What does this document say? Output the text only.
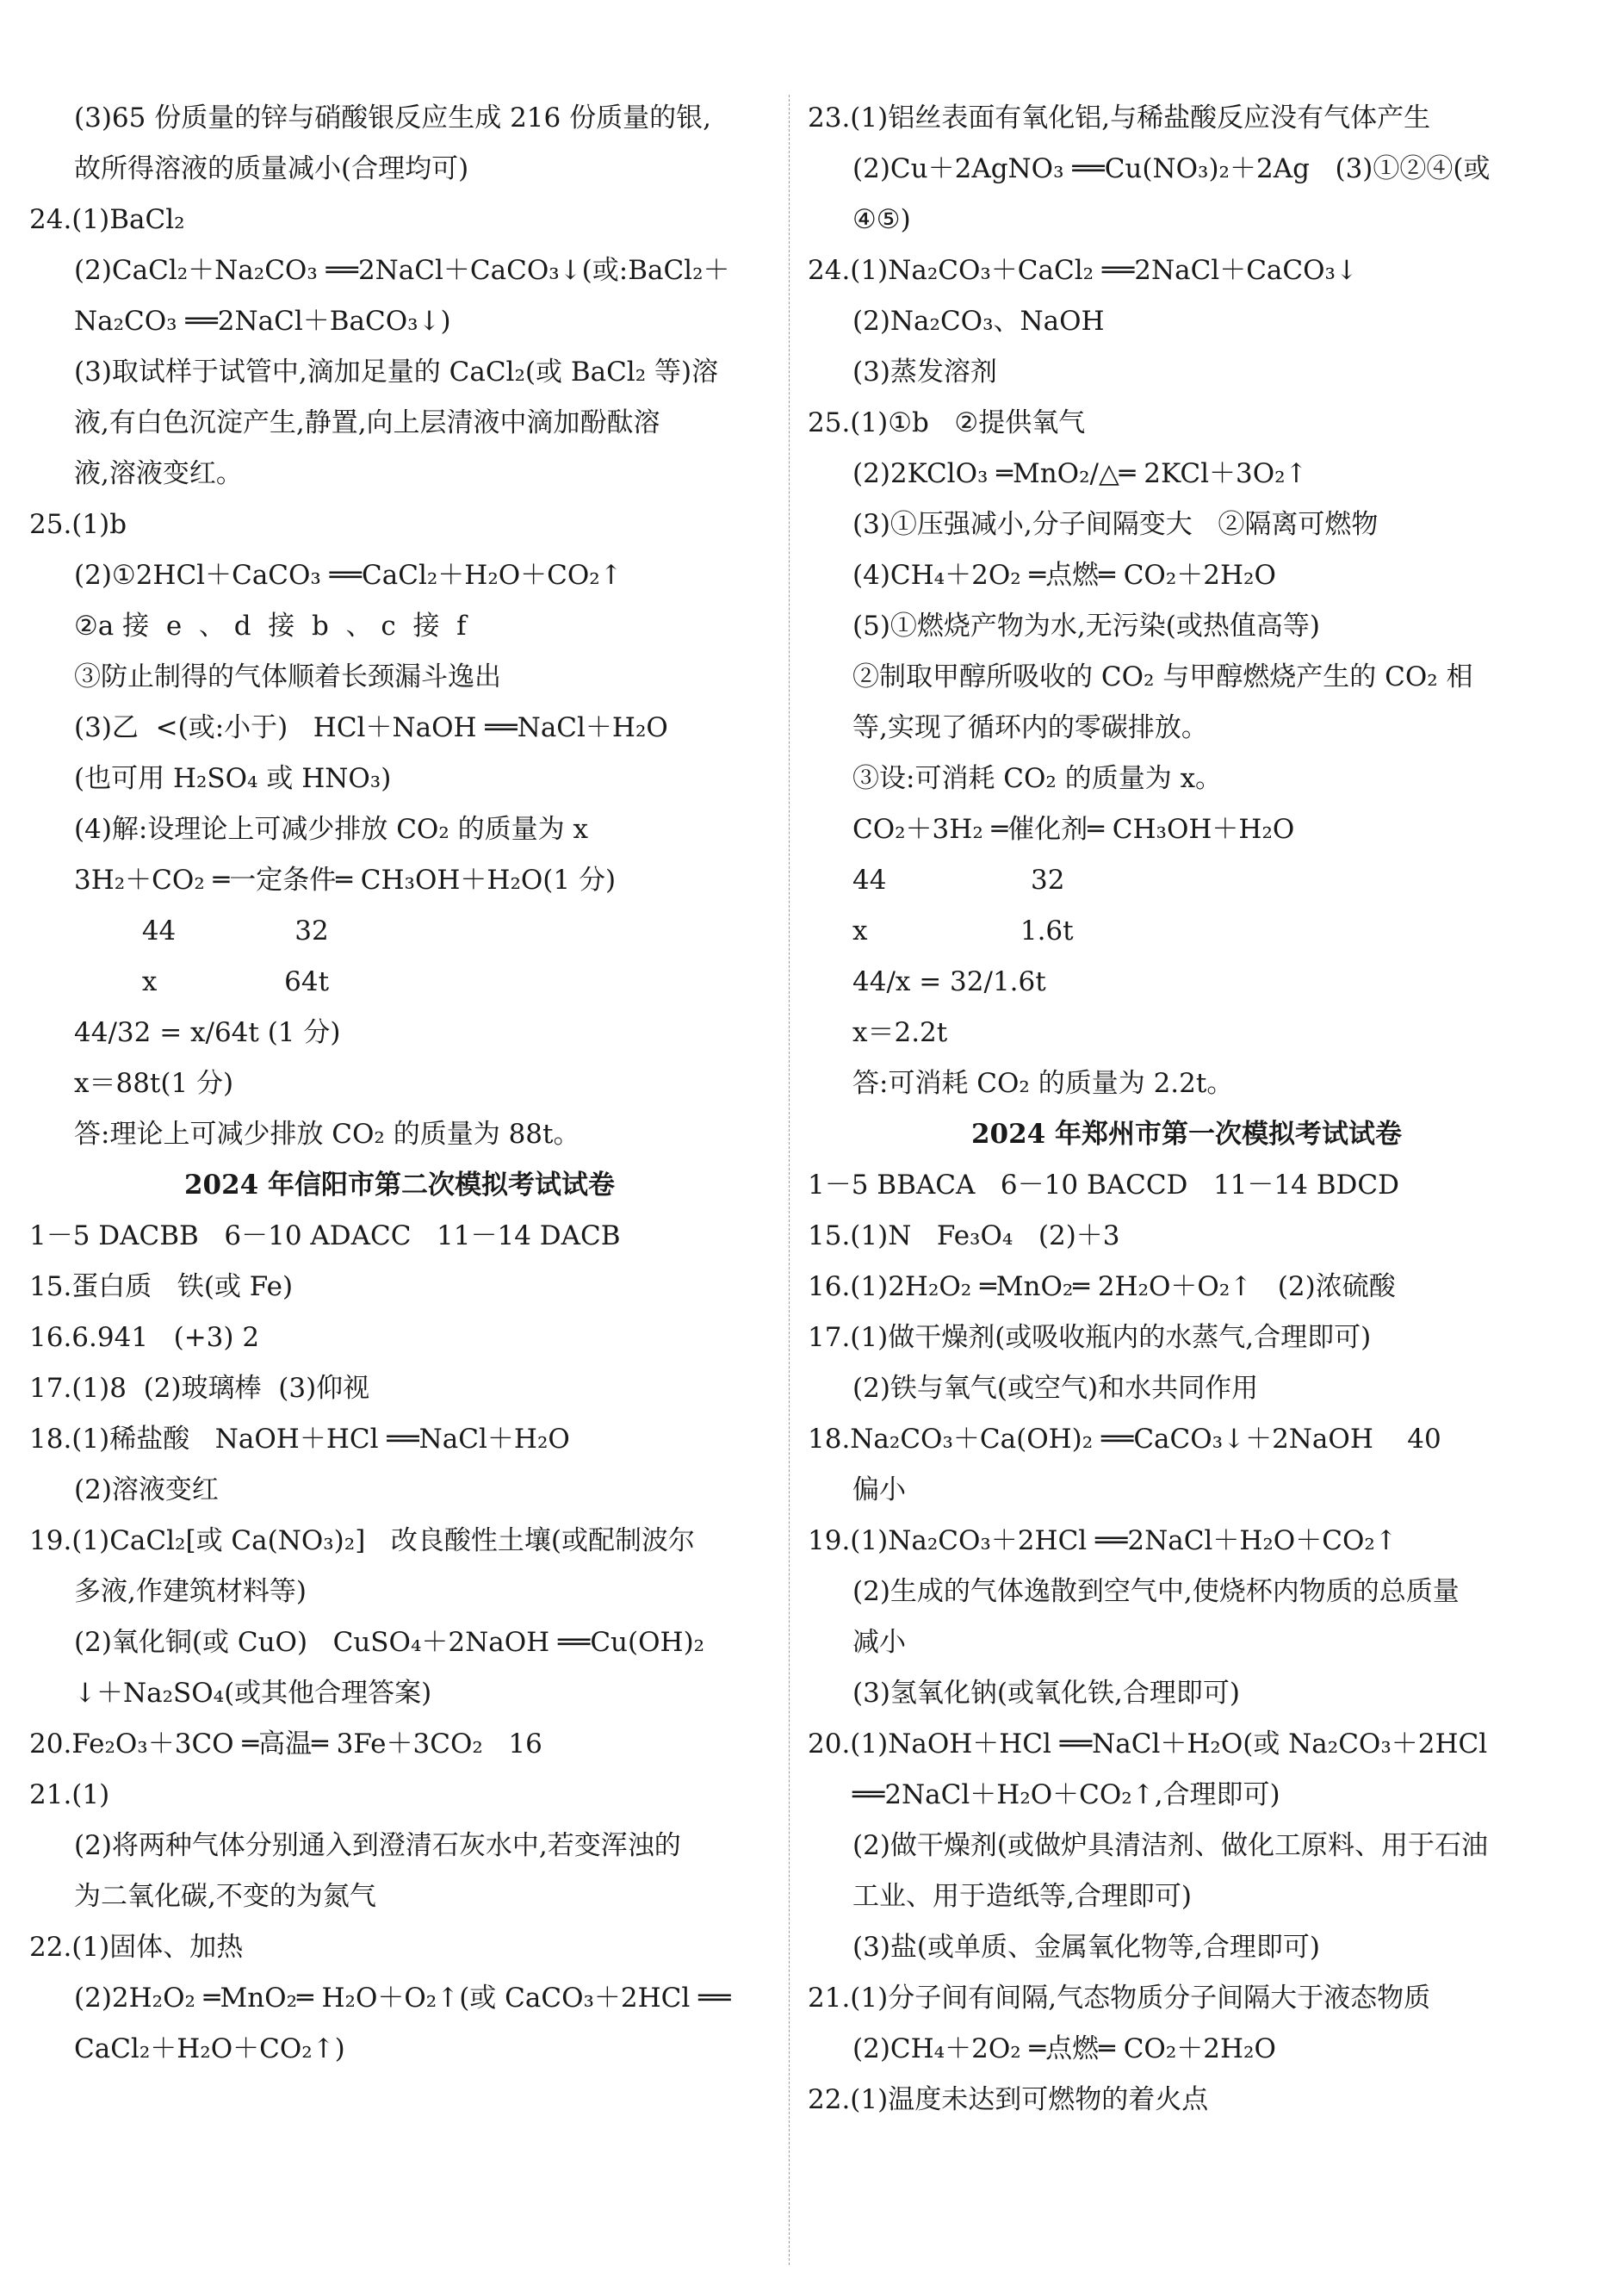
(3)65 份质量的锌与硝酸银反应生成 216 份质量的银,
故所得溶液的质量减小(合理均可)
24.(1)BaCl₂
(2)CaCl₂＋Na₂CO₃ ══2NaCl＋CaCO₃↓(或:BaCl₂＋
Na₂CO₃ ══2NaCl＋BaCO₃↓)
(3)取试样于试管中,滴加足量的 CaCl₂(或 BaCl₂ 等)溶
液,有白色沉淀产生,静置,向上层清液中滴加酚酞溶
液,溶液变红。
25.(1)b
(2)①2HCl＋CaCO₃ ══CaCl₂＋H₂O＋CO₂↑
②a 接  e  、 d  接  b  、 c  接  f
③防止制得的气体顺着长颈漏斗逸出
(3)乙  <(或:小于)   HCl＋NaOH ══NaCl＋H₂O
(也可用 H₂SO₄ 或 HNO₃)
(4)解:设理论上可减少排放 CO₂ 的质量为 x
3H₂＋CO₂ ═一定条件═ CH₃OH＋H₂O(1 分)
44              32
x               64t
44/32 = x/64t (1 分)
x＝88t(1 分)
答:理论上可减少排放 CO₂ 的质量为 88t。
2024 年信阳市第二次模拟考试试卷
1－5 DACBB   6－10 ADACC   11－14 DACB
15.蛋白质   铁(或 Fe)
16.6.941   (+3) 2
17.(1)8  (2)玻璃棒  (3)仰视
18.(1)稀盐酸   NaOH＋HCl ══NaCl＋H₂O
(2)溶液变红
19.(1)CaCl₂[或 Ca(NO₃)₂]   改良酸性土壤(或配制波尔
多液,作建筑材料等)
(2)氧化铜(或 CuO)   CuSO₄＋2NaOH ══Cu(OH)₂
↓＋Na₂SO₄(或其他合理答案)
20.Fe₂O₃＋3CO ═高温═ 3Fe＋3CO₂   16
21.(1)
(2)将两种气体分别通入到澄清石灰水中,若变浑浊的
为二氧化碳,不变的为氮气
22.(1)固体、加热
(2)2H₂O₂ ═MnO₂═ H₂O＋O₂↑(或 CaCO₃＋2HCl ══
CaCl₂＋H₂O＋CO₂↑)
23.(1)铝丝表面有氧化铝,与稀盐酸反应没有气体产生
(2)Cu＋2AgNO₃ ══Cu(NO₃)₂＋2Ag   (3)①②④(或
④⑤)
24.(1)Na₂CO₃＋CaCl₂ ══2NaCl＋CaCO₃↓
(2)Na₂CO₃、NaOH
(3)蒸发溶剂
25.(1)①b   ②提供氧气
(2)2KClO₃ ═MnO₂/△═ 2KCl＋3O₂↑
(3)①压强减小,分子间隔变大   ②隔离可燃物
(4)CH₄＋2O₂ ═点燃═ CO₂＋2H₂O
(5)①燃烧产物为水,无污染(或热值高等)
②制取甲醇所吸收的 CO₂ 与甲醇燃烧产生的 CO₂ 相
等,实现了循环内的零碳排放。
③设:可消耗 CO₂ 的质量为 x。
CO₂＋3H₂ ═催化剂═ CH₃OH＋H₂O
44                 32
x                  1.6t
44/x = 32/1.6t
x＝2.2t
答:可消耗 CO₂ 的质量为 2.2t。
2024 年郑州市第一次模拟考试试卷
1－5 BBACA   6－10 BACCD   11－14 BDCD
15.(1)N   Fe₃O₄   (2)＋3
16.(1)2H₂O₂ ═MnO₂═ 2H₂O＋O₂↑   (2)浓硫酸
17.(1)做干燥剂(或吸收瓶内的水蒸气,合理即可)
(2)铁与氧气(或空气)和水共同作用
18.Na₂CO₃＋Ca(OH)₂ ══CaCO₃↓＋2NaOH    40
偏小
19.(1)Na₂CO₃＋2HCl ══2NaCl＋H₂O＋CO₂↑
(2)生成的气体逸散到空气中,使烧杯内物质的总质量
减小
(3)氢氧化钠(或氧化铁,合理即可)
20.(1)NaOH＋HCl ══NaCl＋H₂O(或 Na₂CO₃＋2HCl
══2NaCl＋H₂O＋CO₂↑,合理即可)
(2)做干燥剂(或做炉具清洁剂、做化工原料、用于石油
工业、用于造纸等,合理即可)
(3)盐(或单质、金属氧化物等,合理即可)
21.(1)分子间有间隔,气态物质分子间隔大于液态物质
(2)CH₄＋2O₂ ═点燃═ CO₂＋2H₂O
22.(1)温度未达到可燃物的着火点
